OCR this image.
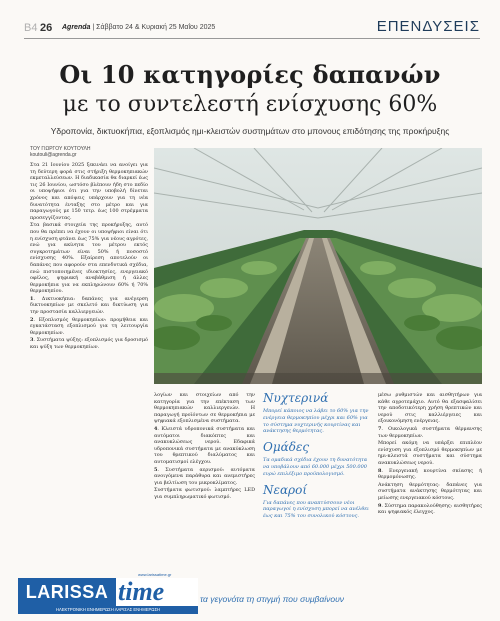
B4 26 Agrenda | Σάββατο 24 & Κυριακή 25 Μαΐου 2025	ΕΠΕΝΔΥΣΕΙΣ
Οι 10 κατηγορίες δαπανών
με το συντελεστή ενίσχυσης 60%
Υδροπονία, δικτυοκήπια, εξοπλισμός ημι-κλειστών συστημάτων στο μπονους επιδότησης της προκήρυξης
ΤΟΥ ΓΙΩΡΓΟΥ ΚΟΥΤΟΥΛΗ
koutouli@agrenda.gr

Στα 21 Ιουνίου 2025 ξεκινάει να ανοίγει για τη δεύτερη φορά στις στήριξη θερμοκηπιακών εκμεταλλεύσεων. Η διαδικασία θα διαρκεί έως τις 26 Ιουνίου, ωστόσο βλέπουν ήδη στο πεδίο οι υποψήφιοι ότι για την υποβολή δίνεται χρόνος και απόψεις υπάρχουν για τη νέα δυνατότητα ένταξης στο μέτρο και για παραγωγούς με 150 τετρ. έως 100 στρέμματα προσεγγίζοντας.

Στα βασικά στοιχεία της προκήρυξης, αυτό που θα πρέπει να έχουν οι υποψήφιοι είναι ότι η ενίσχυση φτάνει έως 75% για νέους αγρότες, ενώ για ακίνητα του μέτρου εκτός συγκροτημάτων είναι 50% ή ποσοστό ενίσχυσης 40%. Εξαίρεση αποτελούν οι δαπάνες που αφορούν στα επενδυτικά σχέδια, ενώ πιστοποιημένες ιδιοκτησίες, ενεργειακό οφέλος, ψηφιακή αναβάθμιση ή άλλες θερμοκήπια για να εκπληρώνουν 60% ή 70% θερμοκηπίου.

1. Δικτυοκήπια: δαπάνες για ανέγερση δικτυοκηπίων με σκελετό και δικτύωση για την προστασία καλλιεργειών.

2. Εξοπλισμός θερμοκηπίων: προμήθεια και εγκατάσταση εξοπλισμού για τη λειτουργία θερμοκηπίων.

3. Συστήματα ψύξης: εξοπλισμός για δροσισμό και ψύξη των θερμοκηπίων.

λογίων και στοιχείων από την κατηγορία για την επέκταση των θερμοκηπιακών καλλιεργειών. Η παραγωγή προϊόντων σε θερμοκήπια με ψηφιακά εξοπλισμένα συστήματα.

4. Κλειστά υδροπονικά συστήματα και αυτόματοι διακόπτες και ανακυκλώσεως νερού. Εδαφικά υδροπονικά συστήματα με ανακύκλωση του θρεπτικού διαλύματος και αυτοματισμοί ελέγχου.

5. Συστήματα αερισμού: αυτόματα ανοιγόμενα παράθυρα και ανεμιστήρες για βελτίωση του μικροκλίματος.

Συστήματα φωτισμού: λαμπτήρες LED για συμπληρωματικό φωτισμό.

Νυχτερινά
Μπορεί κάποιος να λάβει το 60% για την ενέργεια θερμοκηπίου μέχρι και 60% για το σύστημα νυχτερινής κουρτίνας και ανάκτησης θερμότητας.
Ομάδες
Τα ομαδικά σχέδια έχουν τη δυνατότητα να υποβάλουν από 60.000 μέχρι 500.000 ευρώ επιλέξιμο προϋπολογισμό.
Νεαροί
Για δαπάνες που αναπτύσσουν νέοι παραγωγοί η ενίσχυση μπορεί να ανέλθει έως και 75% του συνολικού κόστους.

μέσω ρυθμιστών και αισθητήρων για κάθε αγροτεμάχιο. Αυτό θα εξασφαλίσει την αποδοτικότερη χρήση θρεπτικών και νερού στις καλλιέργειες και εξοικονόμηση ενέργειας.

7. Οικολογικά συστήματα θέρμανσης των θερμοκηπίων.

Μπορεί ακόμη να υπάρξει επιπλέον ενίσχυση για εξοπλισμό θερμοκηπίων με ημι-κλειστά συστήματα και σύστημα ανακυκλώσεως νερού.

8. Ενεργειακή κουρτίνα σκίασης ή θερμομόνωσης.

Ανάκτηση θερμότητας: δαπάνες για συστήματα ανάκτησης θερμότητας και μείωσης ενεργειακού κόστους.

9. Σύστημα παρακολούθησης: αισθητήρες και ψηφιακός έλεγχος.

www.larissatime.gr
LARISSA time
ΗΛΕΚΤΡΟΝΙΚΗ ΕΝΗΜΕΡΩΣΗ ΛΑΡΙΣΑΣ ΕΝΗΜΕΡΩΣΗ
τα γεγονότα τη στιγμή που συμβαίνουν
